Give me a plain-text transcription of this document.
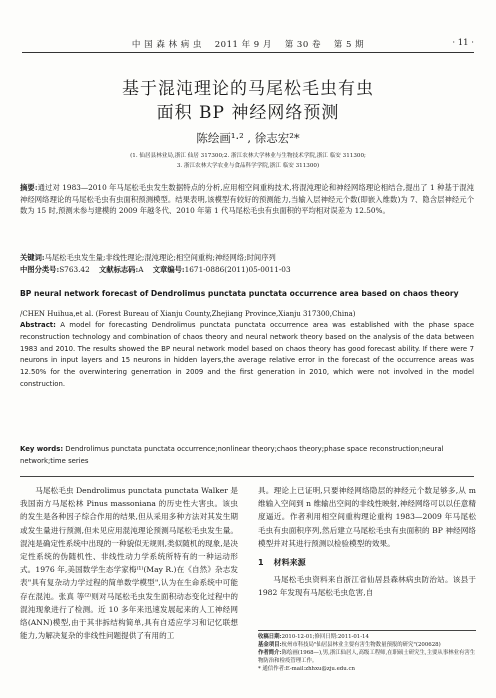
中 国 森 林 病 虫 2011 年 9 月 第 30 卷 第 5 期	· 11 ·
基于混沌理论的马尾松毛虫有虫
面积 BP 神经网络预测
陈绘画¹·² , 徐志宏²*
(1. 仙居县林业局,浙江 仙居 317300;2. 浙江农林大学林业与生物技术学院,浙江 临安 311300;
3. 浙江农林大学农业与食品科学学院,浙江 临安 311300)
摘要:通过对 1983—2010 年马尾松毛虫发生数据特点的分析,应用相空间重构技术,将混沌理论和神经网络理论相结合,提出了 1 种基于混沌神经网络理论的马尾松毛虫有虫面积预测模型。结果表明,该模型有较好的预测能力,当输入层神经元个数(即嵌入维数)为 7、隐含层神经元个数为 15 时,预测未参与建模的 2009 年越冬代、2010 年第 1 代马尾松毛虫有虫面积的平均相对误差为 12.50%。
关键词:马尾松毛虫发生量;非线性理论;混沌理论;相空间重构;神经网络;时间序列
中图分类号:S763.42 文献标志码:A 文章编号:1671-0886(2011)05-0011-03
BP neural network forecast of Dendrolimus punctata punctata occurrence area based on chaos theory
/CHEN Huihua,et al. (Forest Bureau of Xianju County,Zhejiang Province,Xianju 317300,China)
Abstract: A model for forecasting Dendrolimus punctata punctata occurrence area was established with the phase space reconstruction technology and combination of chaos theory and neural network theory based on the analysis of the data between 1983 and 2010. The results showed the BP neural network model based on chaos theory has good forecast ability. If there were 7 neurons in input layers and 15 neurons in hidden layers,the average relative error in the forecast of the occurrence areas was 12.50% for the overwintering generration in 2009 and the first generation in 2010, which were not involved in the model construction.
Key words: Dendrolimus punctata punctata occurrence;nonlinear theory;chaos theory;phase space reconstruction;neural network;time series
马尾松毛虫 Dendrolimus punctata punctata Walker 是我国南方马尾松林 Pinus massoniana 的历史性大害虫。该虫的发生是各种因子综合作用的结果,但从采用多种方法对其发生期或发生量进行预测,但未见应用混沌理论预测马尾松毛虫发生量。混沌是确定性系统中出现的一种貌似无规则,类似随机的现象,是决定性系统的伪随机性、非线性动力学系统所特有的一种运动形式。1976 年,美国数学生态学家梅⁽¹⁾(May R.)在《自然》杂志发表"具有复杂动力学过程的简单数学模型",认为在生命系统中可能存在混沌。张真 等⁽²⁾则对马尾松毛虫发生面积动态变化过程中的混沌现象进行了检测。近 10 多年来迅速发展起来的人工神经网络(ANN)模型,由于其非拆结构简单,具有自适应学习和记忆联想能力,为解决复杂的非线性问题提供了有用的工
具。理论上已证明,只要神经网络隐层的神经元个数足够多,从 m 维输入空间到 n 维输出空间的非线性映射,神经网络可以以任意精度逼近。作者利用相空间重构理论重构 1983—2009 年马尾松毛虫有虫面积序列,然后建立马尾松毛虫有虫面积的 BP 神经网络模型并对其进行预测以检验模型的效果。
1 材料来源
马尾松毛虫资料来自浙江省仙居县森林病虫防治站。该县于 1982 年发现有马尾松毛虫危害,自
收稿日期:2010-12-01;修回日期:2011-01-14
基金项目:杭州市科技局"仙居县林业主要有害生物数量预报的研究"(200628)
作者简介:陈绘画(1968—),男,浙江仙居人,高级工程师,在职硕士研究生,主要从事林业有害生物防治和检疫管理工作。
* 通信作者:E-mail:zhhxu@zju.edu.cn
